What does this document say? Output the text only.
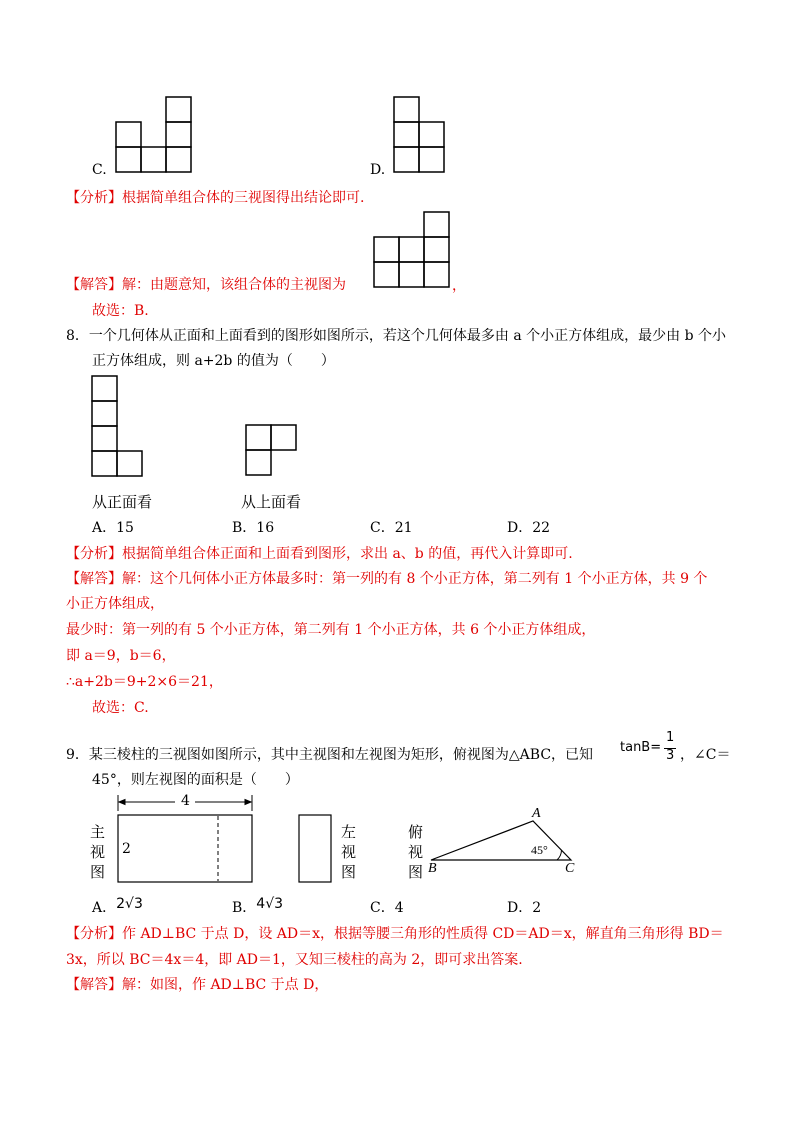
C.	D.
【分析】根据简单组合体的三视图得出结论即可.
【解答】解：由题意知，该组合体的主视图为	，
故选：B.
8．一个几何体从正面和上面看到的图形如图所示，若这个几何体最多由 a 个小正方体组成，最少由 b 个小
正方体组成，则 a+2b 的值为（　　）
从正面看	从上面看
A．15	B．16	C．21	D．22
【分析】根据简单组合体正面和上面看到图形，求出 a、b 的值，再代入计算即可.
【解答】解：这个几何体小正方体最多时：第一列的有 8 个小正方体，第二列有 1 个小正方体，共 9 个
小正方体组成，
最少时：第一列的有 5 个小正方体，第二列有 1 个小正方体，共 6 个小正方体组成，
即 a＝9，b＝6，
∴a+2b＝9+2×6＝21，
故选：C.
9．某三棱柱的三视图如图所示，其中主视图和左视图为矩形，俯视图为△ABC，已知 tanB=
1
3 ，∠C＝
45°，则左视图的面积是（　　）
4
主
视
图
2
左
视
图
俯
视
图
A
B	C
45°
A．2√3	B．4√3	C．4	D．2
【分析】作 AD⊥BC 于点 D，设 AD＝x，根据等腰三角形的性质得 CD＝AD＝x，解直角三角形得 BD＝
3x，所以 BC＝4x＝4，即 AD＝1，又知三棱柱的高为 2，即可求出答案.
【解答】解：如图，作 AD⊥BC 于点 D，
